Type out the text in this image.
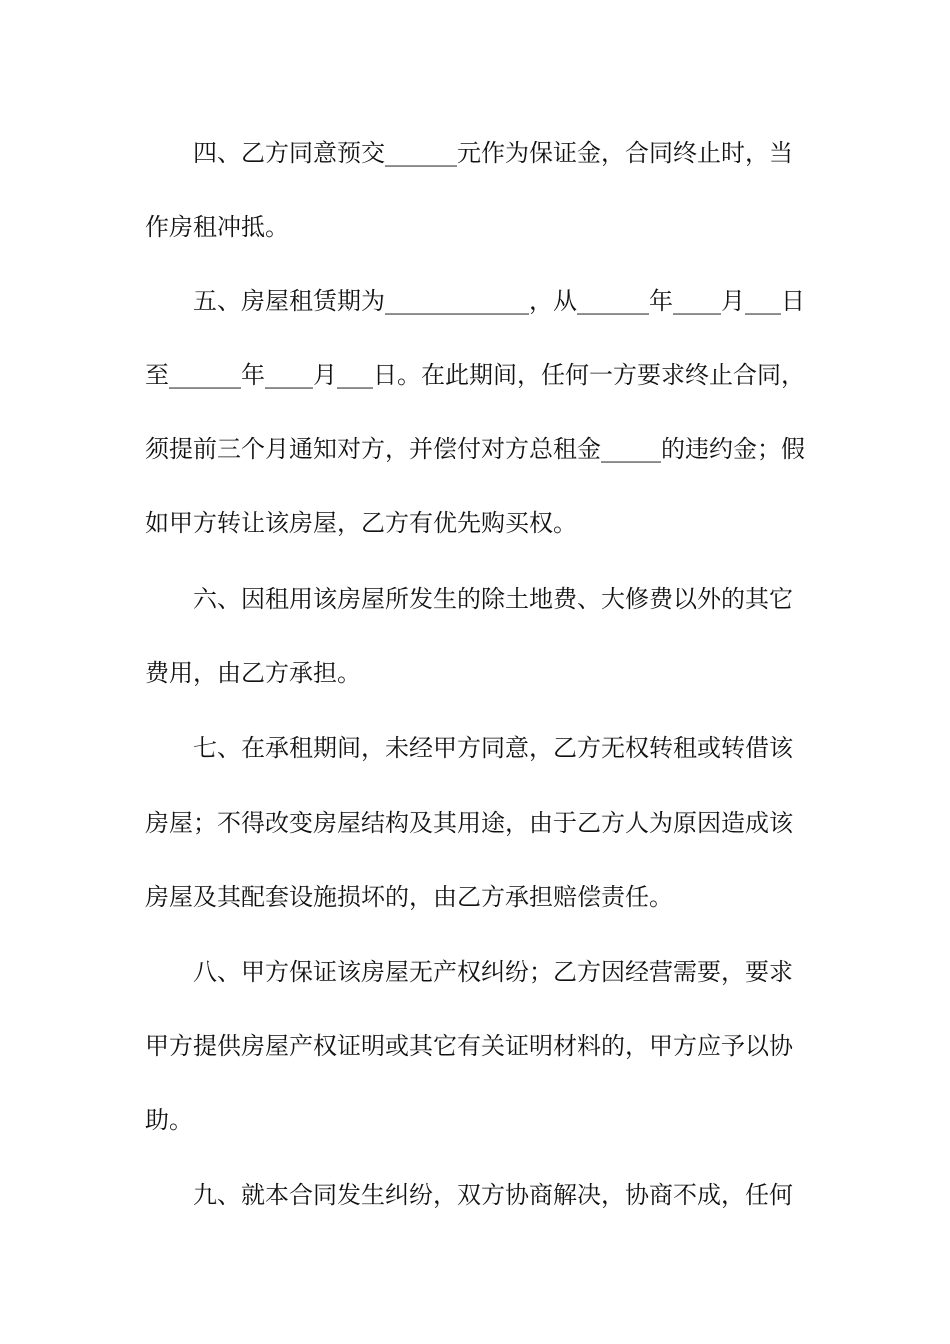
四、乙方同意预交______元作为保证金，合同终止时，当
作房租冲抵。
五、房屋租赁期为____________，从______年____月___日
至______年____月___日。在此期间，任何一方要求终止合同，
须提前三个月通知对方，并偿付对方总租金_____的违约金；假
如甲方转让该房屋，乙方有优先购买权。
六、因租用该房屋所发生的除土地费、大修费以外的其它
费用，由乙方承担。
七、在承租期间，未经甲方同意，乙方无权转租或转借该
房屋；不得改变房屋结构及其用途，由于乙方人为原因造成该
房屋及其配套设施损坏的，由乙方承担赔偿责任。
八、甲方保证该房屋无产权纠纷；乙方因经营需要，要求
甲方提供房屋产权证明或其它有关证明材料的，甲方应予以协
助。
九、就本合同发生纠纷，双方协商解决，协商不成，任何
